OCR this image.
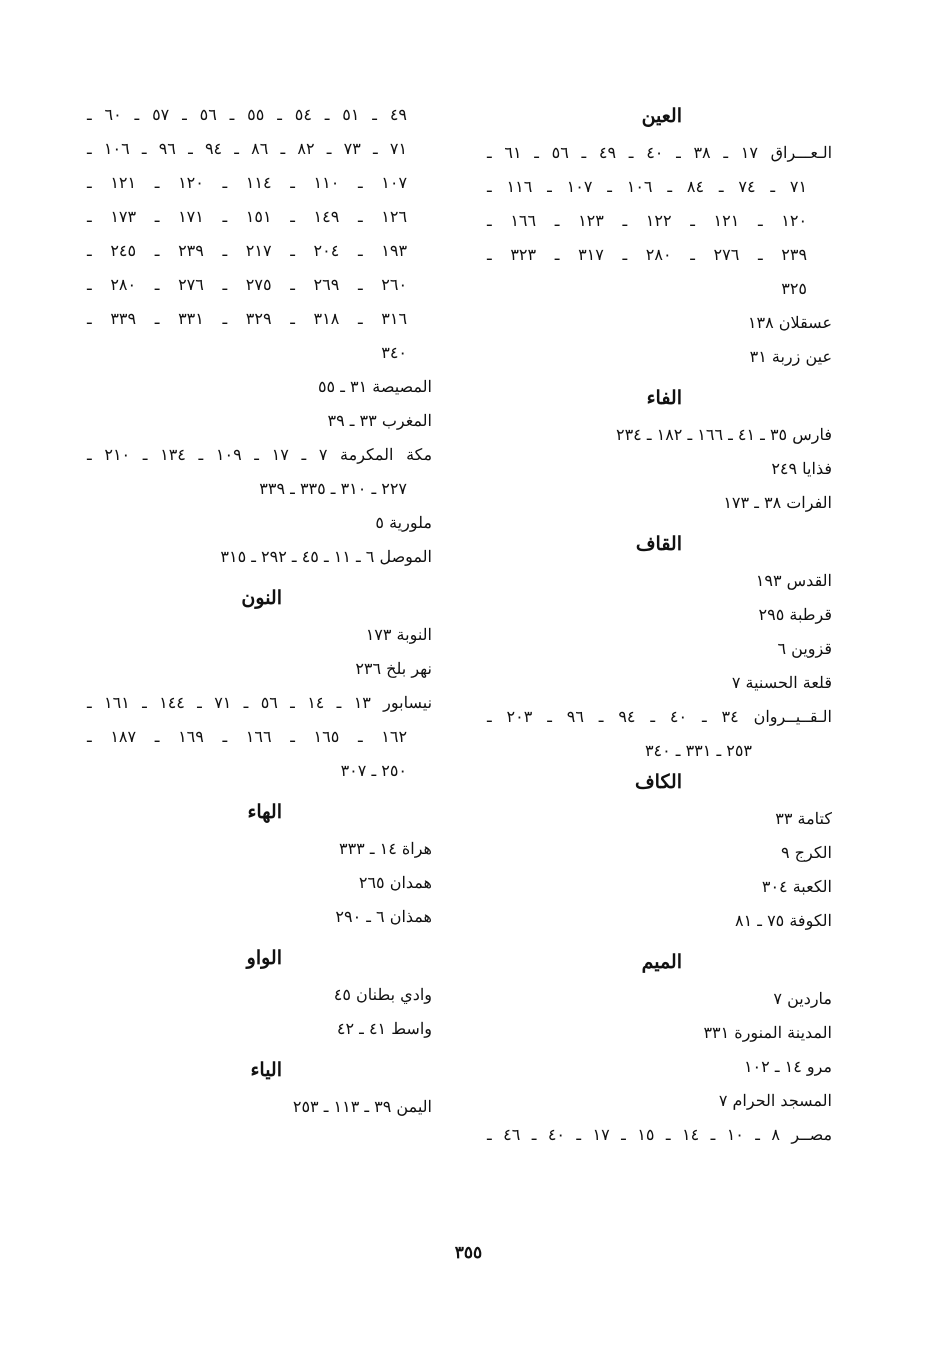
العين
الـعـــراق ١٧ ـ ٣٨ ـ ٤٠ ـ ٤٩ ـ ٥٦ ـ ٦١ ـ
٧١ ـ ٧٤ ـ ٨٤ ـ ١٠٦ ـ ١٠٧ ـ ١١٦ ـ
١٢٠ ـ ١٢١ ـ ١٢٢ ـ ١٢٣ ـ ١٦٦ ـ
٢٣٩ ـ ٢٧٦ ـ ٢٨٠ ـ ٣١٧ ـ ٣٢٣ ـ
٣٢٥
عسقلان ١٣٨
عين زربة ٣١
الفاء
فارس ٣٥ ـ ٤١ ـ ١٦٦ ـ ١٨٢ ـ ٢٣٤
فذايا ٢٤٩
الفرات ٣٨ ـ ١٧٣
القاف
القدس ١٩٣
قرطبة ٢٩٥
قزوين ٦
قلعة الحسنية ٧
الـقــيــروان ٣٤ ـ ٤٠ ـ ٩٤ ـ ٩٦ ـ ٢٠٣ ـ
٢٥٣ ـ ٣٣١ ـ ٣٤٠
الكاف
كتامة ٣٣
الكرج ٩
الكعبة ٣٠٤
الكوفة ٧٥ ـ ٨١
الميم
ماردين ٧
المدينة المنورة ٣٣١
مرو ١٤ ـ ١٠٢
المسجد الحرام ٧
مصــر ٨ ـ ١٠ ـ ١٤ ـ ١٥ ـ ١٧ ـ ٤٠ ـ ٤٦ ـ
٤٩ ـ ٥١ ـ ٥٤ ـ ٥٥ ـ ٥٦ ـ ٥٧ ـ ٦٠ ـ
٧١ ـ ٧٣ ـ ٨٢ ـ ٨٦ ـ ٩٤ ـ ٩٦ ـ ١٠٦ ـ
١٠٧ ـ ١١٠ ـ ١١٤ ـ ١٢٠ ـ ١٢١ ـ
١٢٦ ـ ١٤٩ ـ ١٥١ ـ ١٧١ ـ ١٧٣ ـ
١٩٣ ـ ٢٠٤ ـ ٢١٧ ـ ٢٣٩ ـ ٢٤٥ ـ
٢٦٠ ـ ٢٦٩ ـ ٢٧٥ ـ ٢٧٦ ـ ٢٨٠ ـ
٣١٦ ـ ٣١٨ ـ ٣٢٩ ـ ٣٣١ ـ ٣٣٩ ـ
٣٤٠
المصيصة ٣١ ـ ٥٥
المغرب ٣٣ ـ ٣٩
مكة المكرمة ٧ ـ ١٧ ـ ١٠٩ ـ ١٣٤ ـ ٢١٠ ـ
٢٢٧ ـ ٣١٠ ـ ٣٣٥ ـ ٣٣٩
ملورية ٥
الموصل ٦ ـ ١١ ـ ٤٥ ـ ٢٩٢ ـ ٣١٥
النون
النوبة ١٧٣
نهر بلخ ٢٣٦
نيسابور ١٣ ـ ١٤ ـ ٥٦ ـ ٧١ ـ ١٤٤ ـ ١٦١ ـ
١٦٢ ـ ١٦٥ ـ ١٦٦ ـ ١٦٩ ـ ١٨٧ ـ
٢٥٠ ـ ٣٠٧
الهاء
هراة ١٤ ـ ٣٣٣
همدان ٢٦٥
همذان ٦ ـ ٢٩٠
الواو
وادي بطنان ٤٥
واسط ٤١ ـ ٤٢
الياء
اليمن ٣٩ ـ ١١٣ ـ ٢٥٣
٣٥٥
